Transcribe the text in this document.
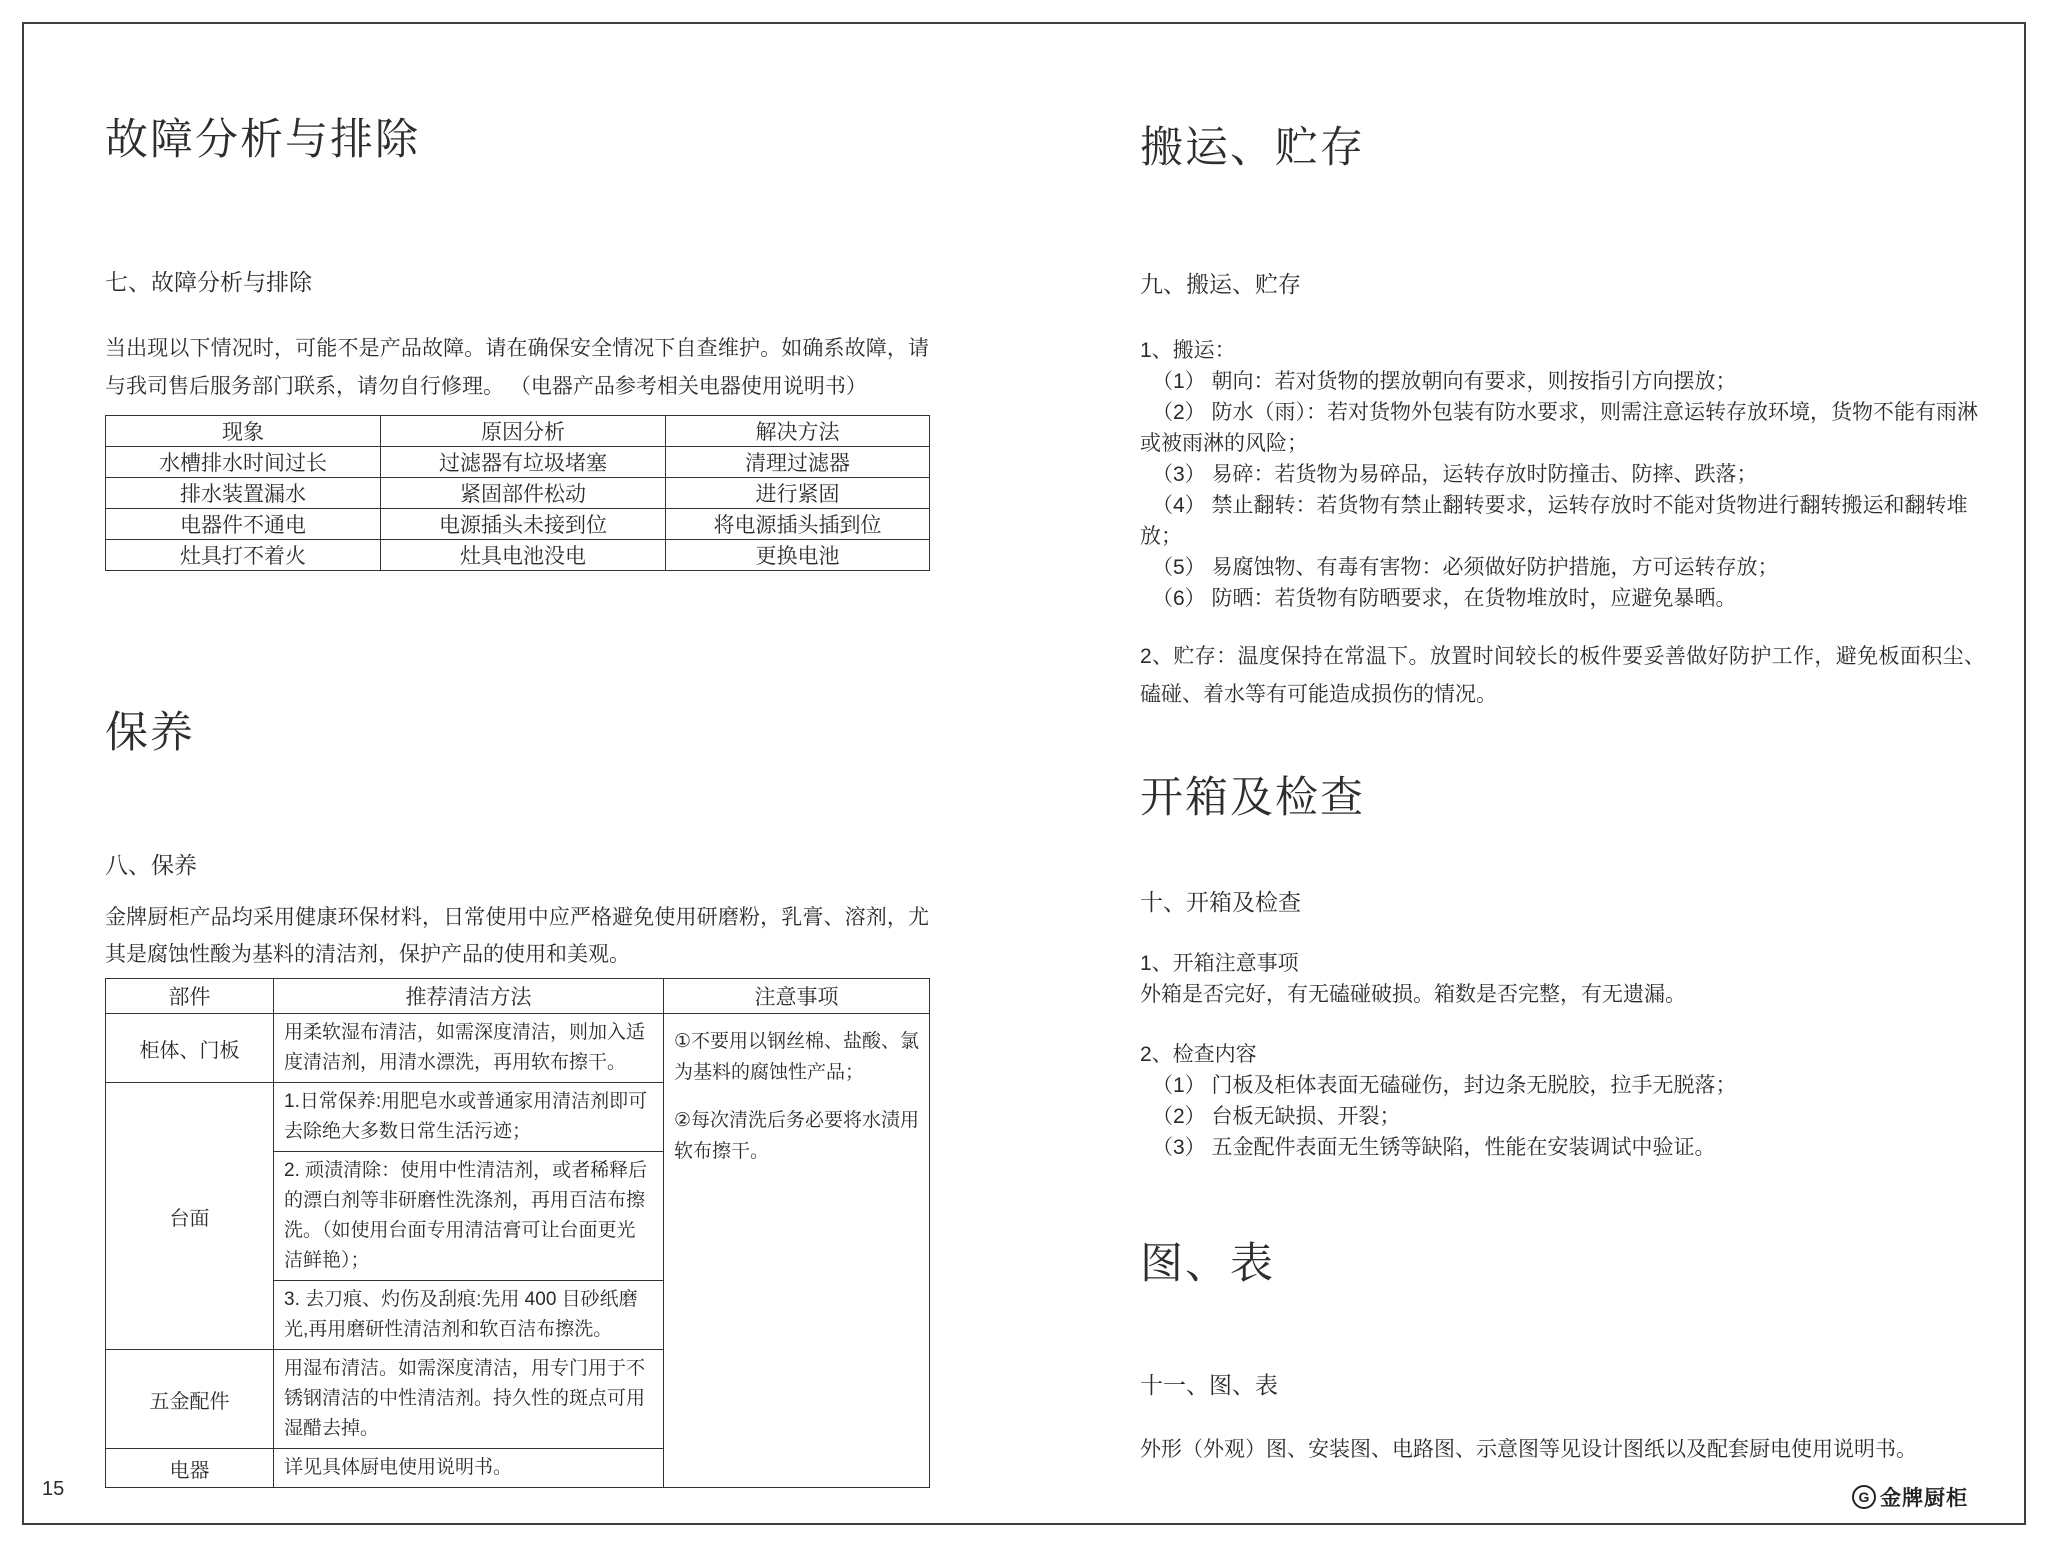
故障分析与排除
七、故障分析与排除

当出现以下情况时，可能不是产品故障。请在确保安全情况下自查维护。如确系故障，请与我司售后服务部门联系，请勿自行修理。 （电器产品参考相关电器使用说明书）

现象	原因分析	解决方法
水槽排水时间过长	过滤器有垃圾堵塞	清理过滤器
排水装置漏水	紧固部件松动	进行紧固
电器件不通电	电源插头未接到位	将电源插头插到位
灶具打不着火	灶具电池没电	更换电池
保养
八、保养

金牌厨柜产品均采用健康环保材料，日常使用中应严格避免使用研磨粉，乳膏、溶剂，尤其是腐蚀性酸为基料的清洁剂，保护产品的使用和美观。

部件	推荐清洁方法	注意事项
柜体、门板	用柔软湿布清洁，如需深度清洁，则加入适度清洁剂，用清水漂洗，再用软布擦干。	①不要用以钢丝棉、盐酸、氯为基料的腐蚀性产品；

②每次清洗后务必要将水渍用软布擦干。

台面	1.日常保养:用肥皂水或普通家用清洁剂即可去除绝大多数日常生活污迹；	
	2. 顽渍清除：使用中性清洁剂，或者稀释后的漂白剂等非研磨性洗涤剂，再用百洁布擦洗。（如使用台面专用清洁膏可让台面更光洁鲜艳）；	
	3. 去刀痕、灼伤及刮痕:先用 400 目砂纸磨光,再用磨研性清洁剂和软百洁布擦洗。	
五金配件	用湿布清洁。如需深度清洁，用专门用于不锈钢清洁的中性清洁剂。持久性的斑点可用湿醋去掉。	
电器	详见具体厨电使用说明书。	
搬运、贮存
九、搬运、贮存

1、搬运：

（1） 朝向：若对货物的摆放朝向有要求，则按指引方向摆放；

（2） 防水（雨）：若对货物外包装有防水要求，则需注意运转存放环境，货物不能有雨淋或被雨淋的风险；

（3） 易碎：若货物为易碎品，运转存放时防撞击、防摔、跌落；

（4） 禁止翻转：若货物有禁止翻转要求，运转存放时不能对货物进行翻转搬运和翻转堆放；

（5） 易腐蚀物、有毒有害物：必须做好防护措施，方可运转存放；

（6） 防晒：若货物有防晒要求，在货物堆放时，应避免暴晒。

2、贮存：温度保持在常温下。放置时间较长的板件要妥善做好防护工作，避免板面积尘、磕碰、着水等有可能造成损伤的情况。

开箱及检查
十、开箱及检查

1、开箱注意事项

外箱是否完好，有无磕碰破损。箱数是否完整，有无遗漏。

2、检查内容

（1） 门板及柜体表面无磕碰伤，封边条无脱胶，拉手无脱落；

（2） 台板无缺损、开裂；

（3） 五金配件表面无生锈等缺陷，性能在安装调试中验证。

图、表
十一、图、表

外形（外观）图、安装图、电路图、示意图等见设计图纸以及配套厨电使用说明书。

15	G 金牌厨柜
